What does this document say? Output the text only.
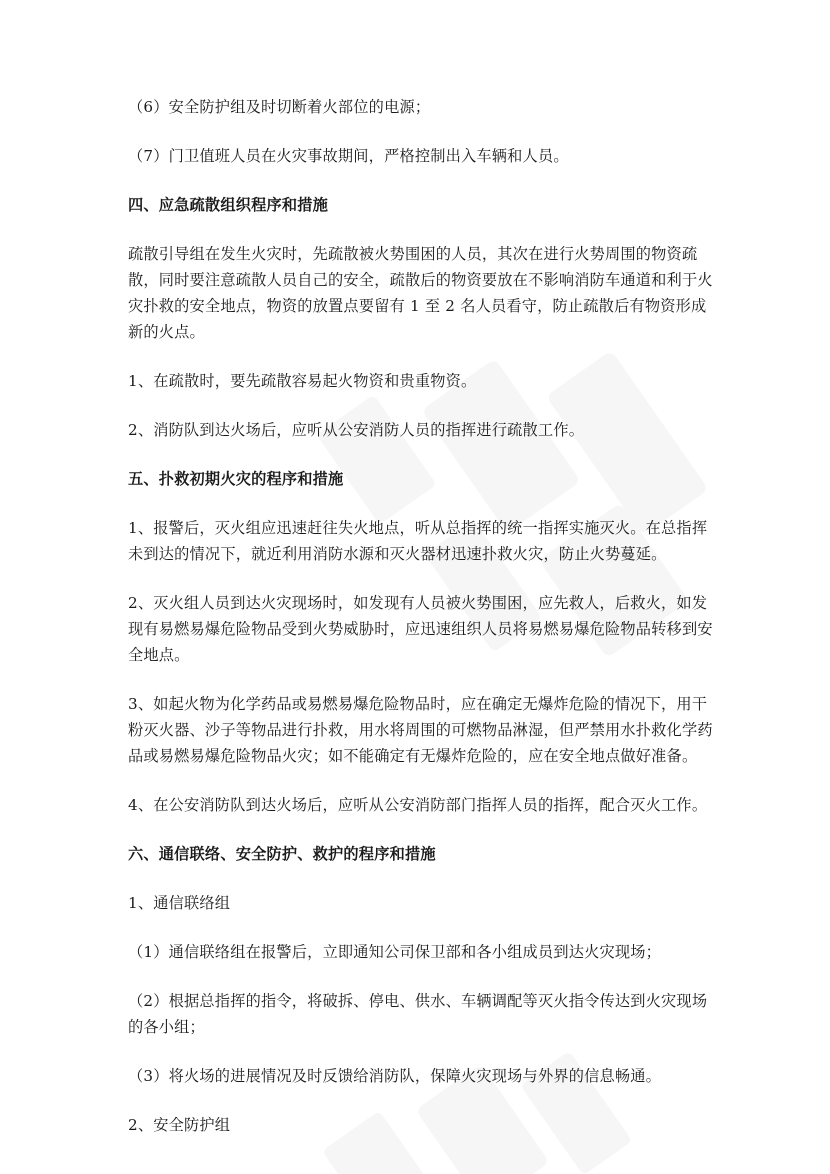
（6）安全防护组及时切断着火部位的电源；

（7）门卫值班人员在火灾事故期间，严格控制出入车辆和人员。

四、应急疏散组织程序和措施

疏散引导组在发生火灾时，先疏散被火势围困的人员，其次在进行火势周围的物资疏散，同时要注意疏散人员自己的安全，疏散后的物资要放在不影响消防车通道和利于火灾扑救的安全地点，物资的放置点要留有 1 至 2 名人员看守，防止疏散后有物资形成新的火点。

1、在疏散时，要先疏散容易起火物资和贵重物资。

2、消防队到达火场后，应听从公安消防人员的指挥进行疏散工作。

五、扑救初期火灾的程序和措施

1、报警后，灭火组应迅速赶往失火地点，听从总指挥的统一指挥实施灭火。在总指挥未到达的情况下，就近利用消防水源和灭火器材迅速扑救火灾，防止火势蔓延。

2、灭火组人员到达火灾现场时，如发现有人员被火势围困，应先救人，后救火，如发现有易燃易爆危险物品受到火势威胁时，应迅速组织人员将易燃易爆危险物品转移到安全地点。

3、如起火物为化学药品或易燃易爆危险物品时，应在确定无爆炸危险的情况下，用干粉灭火器、沙子等物品进行扑救，用水将周围的可燃物品淋湿，但严禁用水扑救化学药品或易燃易爆危险物品火灾；如不能确定有无爆炸危险的，应在安全地点做好准备。

4、在公安消防队到达火场后，应听从公安消防部门指挥人员的指挥，配合灭火工作。

六、通信联络、安全防护、救护的程序和措施

1、通信联络组

（1）通信联络组在报警后，立即通知公司保卫部和各小组成员到达火灾现场；

（2）根据总指挥的指令，将破拆、停电、供水、车辆调配等灭火指令传达到火灾现场的各小组；

（3）将火场的进展情况及时反馈给消防队，保障火灾现场与外界的信息畅通。

2、安全防护组
